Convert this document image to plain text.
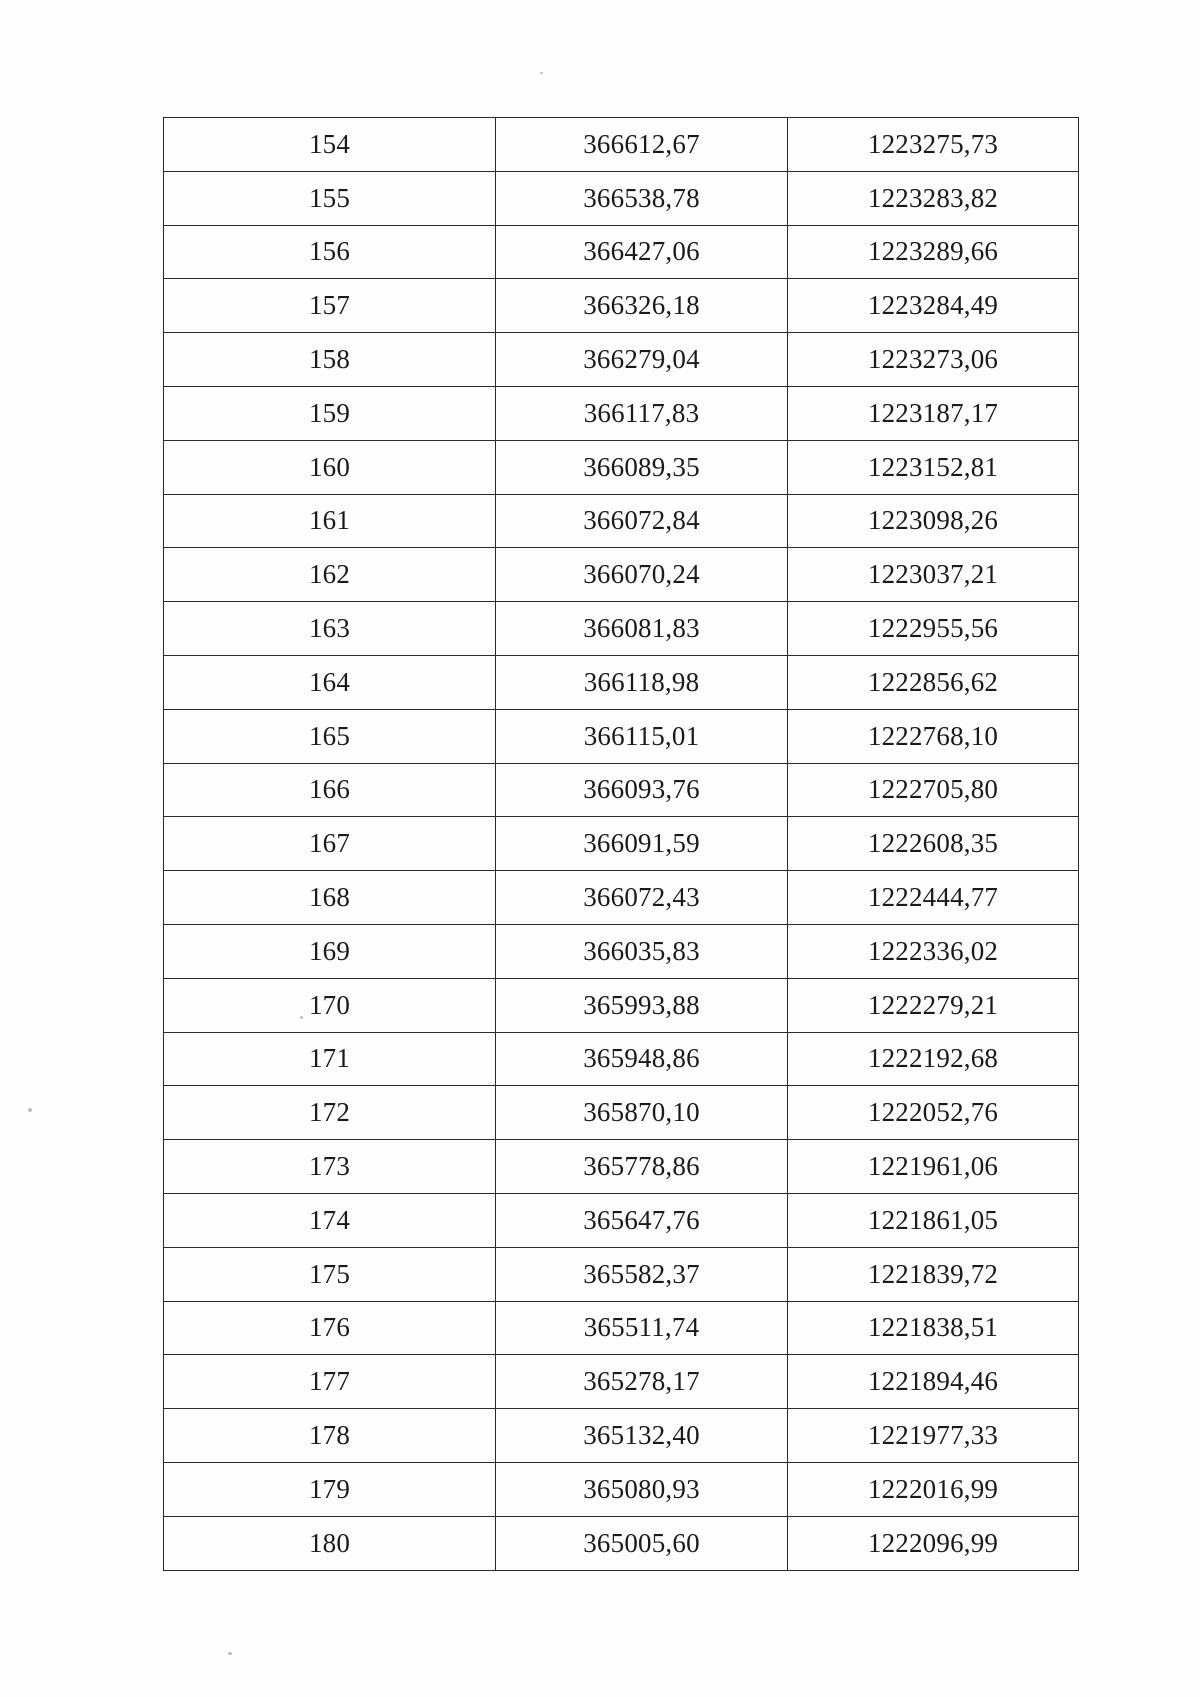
154	366612,67	1223275,73
155	366538,78	1223283,82
156	366427,06	1223289,66
157	366326,18	1223284,49
158	366279,04	1223273,06
159	366117,83	1223187,17
160	366089,35	1223152,81
161	366072,84	1223098,26
162	366070,24	1223037,21
163	366081,83	1222955,56
164	366118,98	1222856,62
165	366115,01	1222768,10
166	366093,76	1222705,80
167	366091,59	1222608,35
168	366072,43	1222444,77
169	366035,83	1222336,02
170	365993,88	1222279,21
171	365948,86	1222192,68
172	365870,10	1222052,76
173	365778,86	1221961,06
174	365647,76	1221861,05
175	365582,37	1221839,72
176	365511,74	1221838,51
177	365278,17	1221894,46
178	365132,40	1221977,33
179	365080,93	1222016,99
180	365005,60	1222096,99
